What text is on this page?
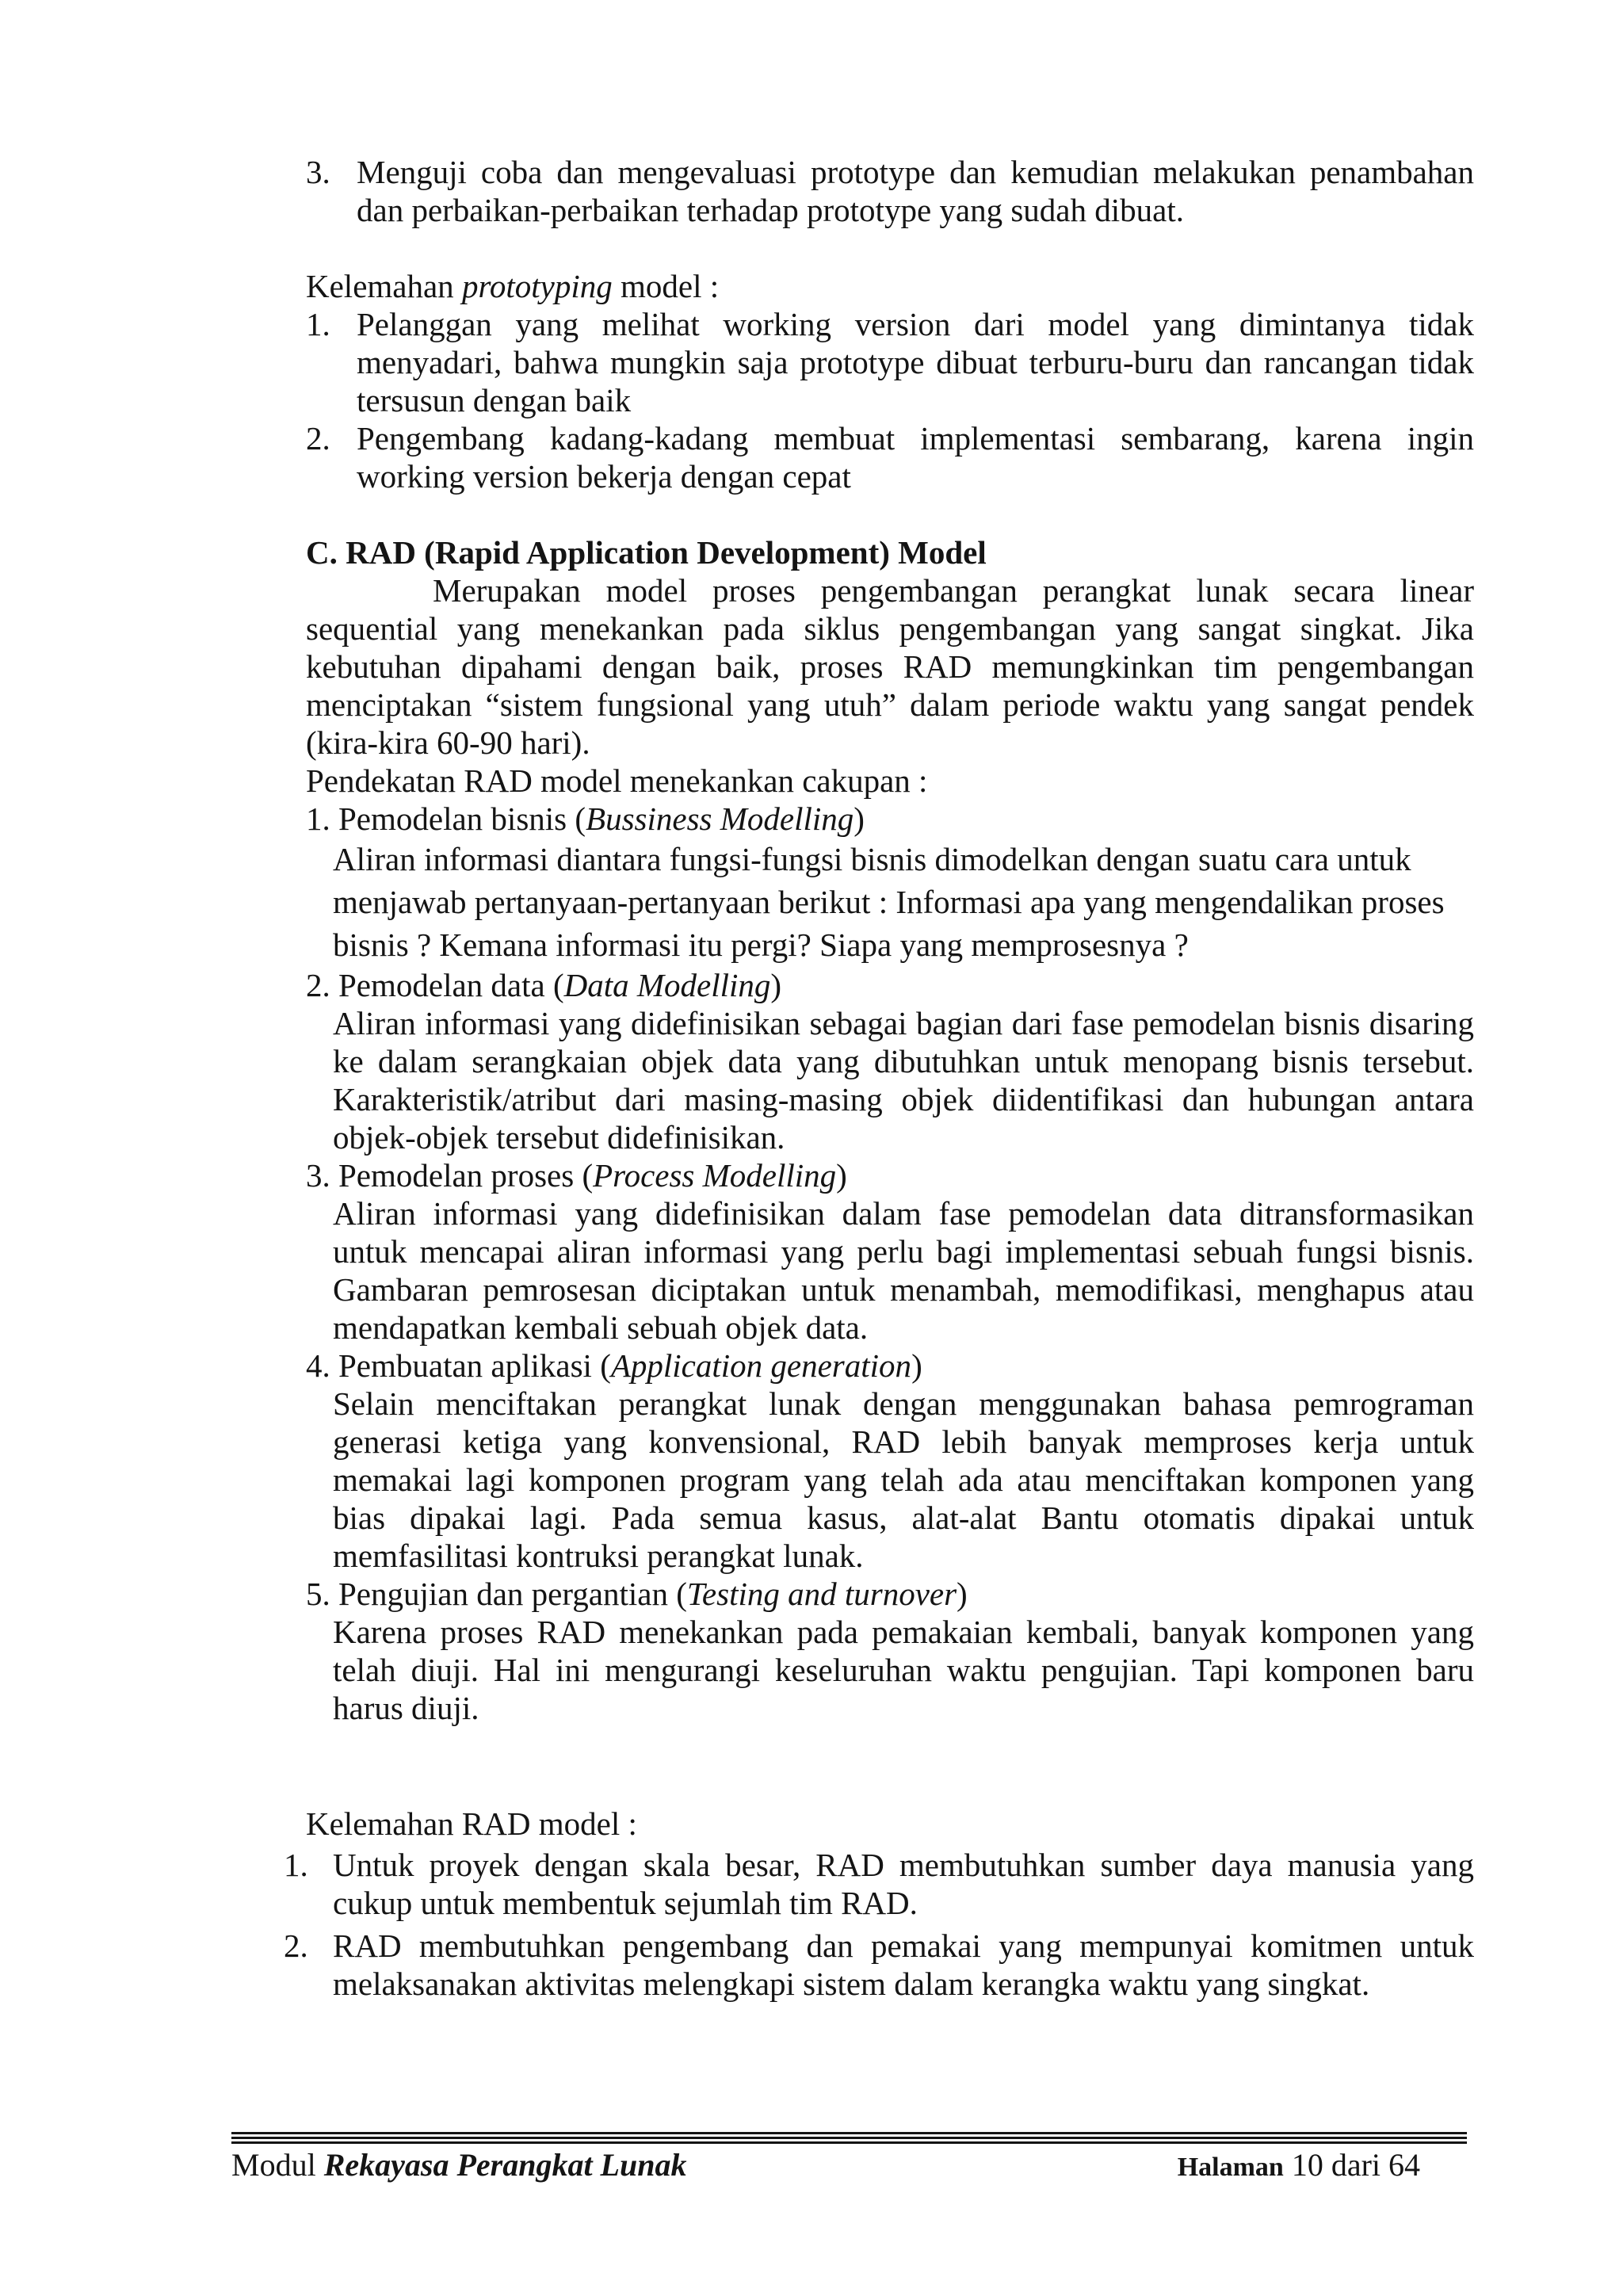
3. Menguji coba dan mengevaluasi prototype dan kemudian melakukan penambahan dan perbaikan-perbaikan terhadap prototype yang sudah dibuat.

Kelemahan prototyping model :

1. Pelanggan yang melihat working version dari model yang dimintanya tidak menyadari, bahwa mungkin saja prototype dibuat terburu-buru dan rancangan tidak tersusun dengan baik
2. Pengembang kadang-kadang membuat implementasi sembarang, karena ingin working version bekerja dengan cepat

C. RAD (Rapid Application Development) Model

Merupakan model proses pengembangan perangkat lunak secara linear sequential yang menekankan pada siklus pengembangan yang sangat singkat. Jika kebutuhan dipahami dengan baik, proses RAD memungkinkan tim pengembangan menciptakan “sistem fungsional yang utuh” dalam periode waktu yang sangat pendek (kira-kira 60-90 hari).

Pendekatan RAD model menekankan cakupan :

1. Pemodelan bisnis (Bussiness Modelling)

Aliran informasi diantara fungsi-fungsi bisnis dimodelkan dengan suatu cara untuk menjawab pertanyaan-pertanyaan berikut : Informasi apa yang mengendalikan proses bisnis ? Kemana informasi itu pergi? Siapa yang memprosesnya ?

2. Pemodelan data (Data Modelling)

Aliran informasi yang didefinisikan sebagai bagian dari fase pemodelan bisnis disaring ke dalam serangkaian objek data yang dibutuhkan untuk menopang bisnis tersebut. Karakteristik/atribut dari masing-masing objek diidentifikasi dan hubungan antara objek-objek tersebut didefinisikan.

3. Pemodelan proses (Process Modelling)

Aliran informasi yang didefinisikan dalam fase pemodelan data ditransformasikan untuk mencapai aliran informasi yang perlu bagi implementasi sebuah fungsi bisnis. Gambaran pemrosesan diciptakan untuk menambah, memodifikasi, menghapus atau mendapatkan kembali sebuah objek data.

4. Pembuatan aplikasi (Application generation)

Selain menciftakan perangkat lunak dengan menggunakan bahasa pemrograman generasi ketiga yang konvensional, RAD lebih banyak memproses kerja untuk memakai lagi komponen program yang telah ada atau menciftakan komponen yang bias dipakai lagi. Pada semua kasus, alat-alat Bantu otomatis dipakai untuk memfasilitasi kontruksi perangkat lunak.

5. Pengujian dan pergantian (Testing and turnover)

Karena proses RAD menekankan pada pemakaian kembali, banyak komponen yang telah diuji. Hal ini mengurangi keseluruhan waktu pengujian. Tapi komponen baru harus diuji.

Kelemahan RAD model :

1. Untuk proyek dengan skala besar, RAD membutuhkan sumber daya manusia yang cukup untuk membentuk sejumlah tim RAD.
2. RAD membutuhkan pengembang dan pemakai yang mempunyai komitmen untuk melaksanakan aktivitas melengkapi sistem dalam kerangka waktu yang singkat.
Modul Rekayasa Perangkat Lunak	Halaman 10 dari 64
